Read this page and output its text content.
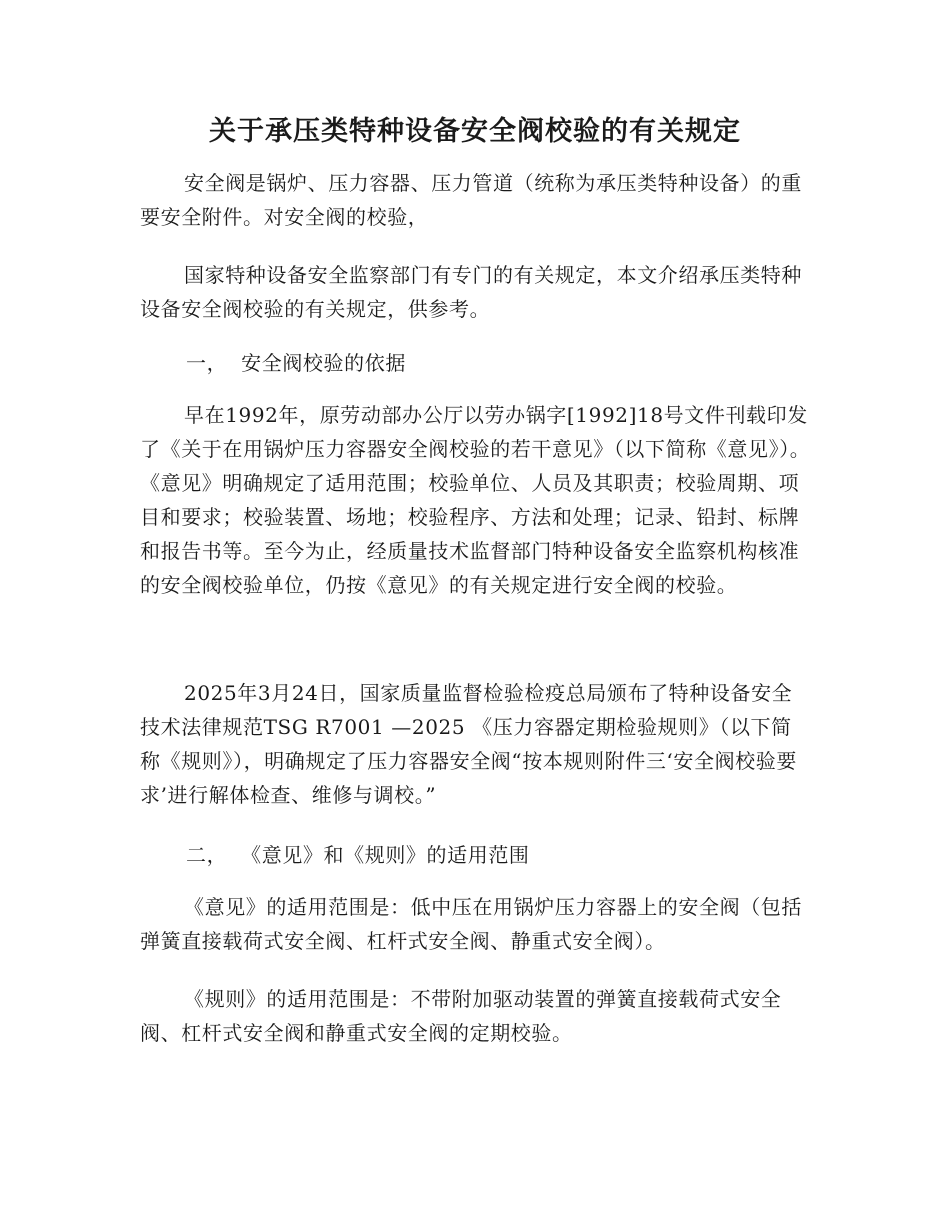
关于承压类特种设备安全阀校验的有关规定

安全阀是锅炉、压力容器、压力管道（统称为承压类特种设备）的重要安全附件。对安全阀的校验，

国家特种设备安全监察部门有专门的有关规定，本文介绍承压类特种设备安全阀校验的有关规定，供参考。

一，  安全阀校验的依据

早在1992年，原劳动部办公厅以劳办锅字[1992]18号文件刊载印发了《关于在用锅炉压力容器安全阀校验的若干意见》（以下简称《意见》）。《意见》明确规定了适用范围；校验单位、人员及其职责；校验周期、项目和要求；校验装置、场地；校验程序、方法和处理；记录、铅封、标牌和报告书等。至今为止，经质量技术监督部门特种设备安全监察机构核准的安全阀校验单位，仍按《意见》的有关规定进行安全阀的校验。

2025年3月24日，国家质量监督检验检疫总局颁布了特种设备安全技术法律规范TSG R7001 —2025 《压力容器定期检验规则》（以下简称《规则》），明确规定了压力容器安全阀“按本规则附件三‘安全阀校验要求’进行解体检查、维修与调校。”

二，  《意见》和《规则》的适用范围

《意见》的适用范围是：低中压在用锅炉压力容器上的安全阀（包括弹簧直接载荷式安全阀、杠杆式安全阀、静重式安全阀）。

《规则》的适用范围是：不带附加驱动装置的弹簧直接载荷式安全阀、杠杆式安全阀和静重式安全阀的定期校验。
